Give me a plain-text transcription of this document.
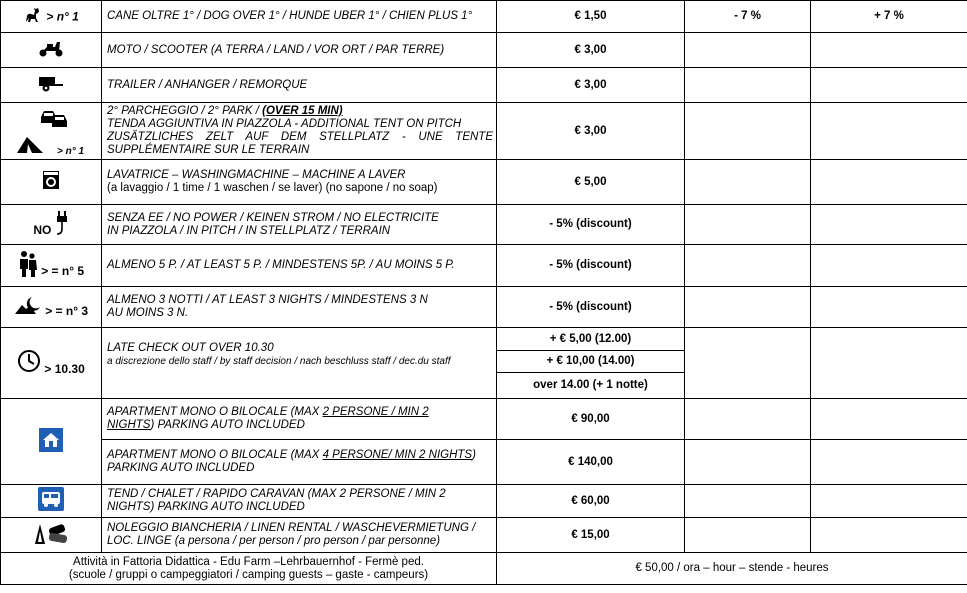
> n° 1	CANE OLTRE 1° / DOG OVER 1° / HUNDE UBER 1° / CHIEN PLUS 1°	€ 1,50	- 7 %	+ 7 %
	MOTO / SCOOTER (A TERRA / LAND / VOR ORT / PAR TERRE)	€ 3,00		
	TRAILER / ANHANGER / REMORQUE	€ 3,00		

> n° 1	2° PARCHEGGIO / 2° PARK / (OVER 15 MIN)
TENDA AGGIUNTIVA IN PIAZZOLA - ADDITIONAL TENT ON PITCH
ZUSÄTZLICHES ZELT AUF DEM STELLPLATZ - UNE TENTE SUPPLÉMENTAIRE SUR LE TERRAIN	€ 3,00		

LAVATRICE – WASHINGMACHINE – MACHINE A LAVER
(a lavaggio / 1 time / 1 waschen / se laver) (no sapone / no soap)	€ 5,00		
NO	SENZA EE / NO POWER / KEINEN STROM / NO ELECTRICITE
IN PIAZZOLA / IN PITCH / IN STELLPLATZ / TERRAIN	- 5% (discount)		
> = n° 5	ALMENO 5 P. / AT LEAST 5 P. / MINDESTENS 5P. / AU MOINS 5 P.	- 5% (discount)		
> = n° 3	ALMENO 3 NOTTI / AT LEAST 3 NIGHTS / MINDESTENS 3 N
AU MOINS 3 N.	- 5% (discount)		
> 10.30	LATE CHECK OUT OVER 10.30
a discrezione dello staff / by staff decision / nach beschluss staff / dec.du staff	+ € 5,00 (12.00)		
		+ € 10,00 (14.00)		
		over 14.00 (+ 1 notte)		

APARTMENT MONO O BILOCALE (MAX 2 PERSONE / MIN 2
NIGHTS) PARKING AUTO INCLUDED	€ 90,00		

	APARTMENT MONO O BILOCALE (MAX 4 PERSONE/ MIN 2 NIGHTS)
PARKING AUTO INCLUDED	€ 140,00		

TEND / CHALET / RAPIDO CARAVAN (MAX 2 PERSONE / MIN 2
NIGHTS) PARKING AUTO INCLUDED	€ 60,00		

NOLEGGIO BIANCHERIA / LINEN RENTAL / WASCHEVERMIETUNG /
LOC. LINGE (a persona / per person / pro person / par personne)	€ 15,00		

Attività in Fattoria Didattica - Edu Farm –Lehrbauernhof - Fermè ped.
(scuole / gruppi o campeggiatori / camping guests – gaste - campeurs)		€ 50,00 / ora – hour – stende - heures		
